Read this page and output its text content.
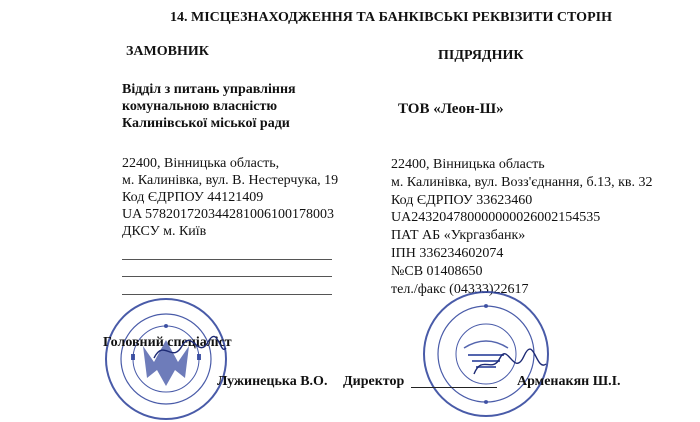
14. МІСЦЕЗНАХОДЖЕННЯ ТА БАНКІВСЬКІ РЕКВІЗИТИ СТОРІН
ЗАМОВНИК
Відділ з питань управління
комунальною власністю
Калинівської міської ради
22400, Вінницька область,
м. Калинівка, вул. В. Нестерчука, 19
Код ЄДРПОУ 44121409
UA 578201720344281006100178003
ДКСУ м. Київ
ПІДРЯДНИК
ТОВ «Леон-Ш»
22400, Вінницька область
м. Калинівка, вул. Возз'єднання, б.13, кв. 32
Код ЄДРПОУ 33623460
UA243204780000000026002154535
ПАТ АБ «Укргазбанк»
ІПН 336234602074
№СВ 01408650
тел./факс (04333)22617
Головний спеціаліст
Лужинецька В.О. Директор	Арменакян Ш.І.
